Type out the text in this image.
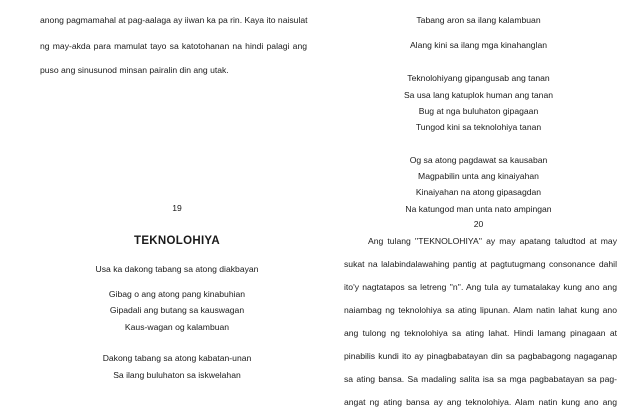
anong pagmamahal at pag-aalaga ay iiwan ka pa rin. Kaya ito naisulat
ng may-akda para mamulat tayo sa katotohanan na hindi palagi ang
puso ang sinusunod minsan pairalin din ang utak.
19
TEKNOLOHIYA
Usa ka dakong tabang sa atong diakbayan
Gibag o ang atong pang kinabuhian
Gipadali ang butang sa kauswagan
Kaus-wagan og kalambuan
Dakong tabang sa atong kabatan-unan
Sa ilang buluhaton sa iskwelahan
Tabang aron sa ilang kalambuan
Alang kini sa ilang mga kinahanglan
Teknolohiyang gipangusab ang tanan
Sa usa lang katuplok human ang tanan
Bug at nga buluhaton gipagaan
Tungod kini sa teknolohiya tanan
Og sa atong pagdawat sa kausaban
Magpabilin unta ang kinaiyahan
Kinaiyahan na atong gipasagdan
Na katungod man unta nato ampingan
20
Ang tulang ''TEKNOLOHIYA'' ay may apatang taludtod at may
sukat na lalabindalawahing pantig at pagtutugmang consonance dahil
ito'y nagtatapos sa letreng ''n''. Ang tula ay tumatalakay kung ano ang
naiambag ng teknolohiya sa ating lipunan. Alam natin lahat kung ano
ang tulong ng teknolohiya sa ating lahat. Hindi lamang pinagaan at
pinabilis kundi ito ay pinagbabatayan din sa pagbabagong nagaganap
sa ating bansa. Sa madaling salita isa sa mga pagbabatayan sa pag-
angat ng ating bansa ay ang teknolohiya. Alam natin kung ano ang
